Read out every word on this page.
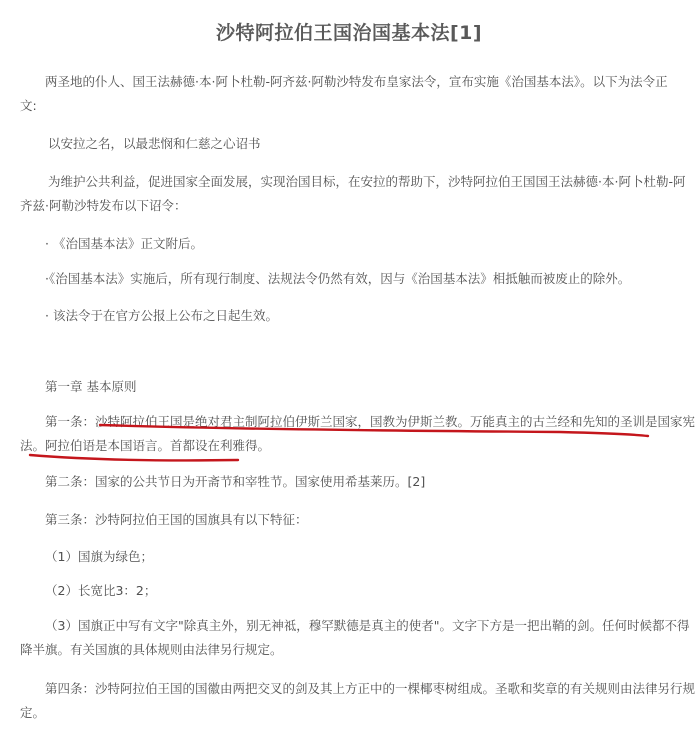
沙特阿拉伯王国治国基本法[1]
两圣地的仆人、国王法赫德·本·阿卜杜勒-阿齐兹·阿勒沙特发布皇家法令，宣布实施《治国基本法》。以下为法令正
文:
以安拉之名，以最悲悯和仁慈之心诏书
为维护公共利益，促进国家全面发展，实现治国目标，在安拉的帮助下，沙特阿拉伯王国国王法赫德·本·阿卜杜勒-阿
齐兹·阿勒沙特发布以下诏令：
· 《治国基本法》正文附后。
·《治国基本法》实施后，所有现行制度、法规法令仍然有效，因与《治国基本法》相抵触而被废止的除外。
· 该法令于在官方公报上公布之日起生效。
第一章 基本原则
第一条：沙特阿拉伯王国是绝对君主制阿拉伯伊斯兰国家，国教为伊斯兰教。万能真主的古兰经和先知的圣训是国家宪
法。阿拉伯语是本国语言。首都设在利雅得。
第二条：国家的公共节日为开斋节和宰牲节。国家使用希基莱历。[2]
第三条：沙特阿拉伯王国的国旗具有以下特征：
（1）国旗为绿色；
（2）长宽比3：2；
（3）国旗正中写有文字"除真主外，别无神祗，穆罕默德是真主的使者"。文字下方是一把出鞘的剑。任何时候都不得
降半旗。有关国旗的具体规则由法律另行规定。
第四条：沙特阿拉伯王国的国徽由两把交叉的剑及其上方正中的一棵椰枣树组成。圣歌和奖章的有关规则由法律另行规
定。
